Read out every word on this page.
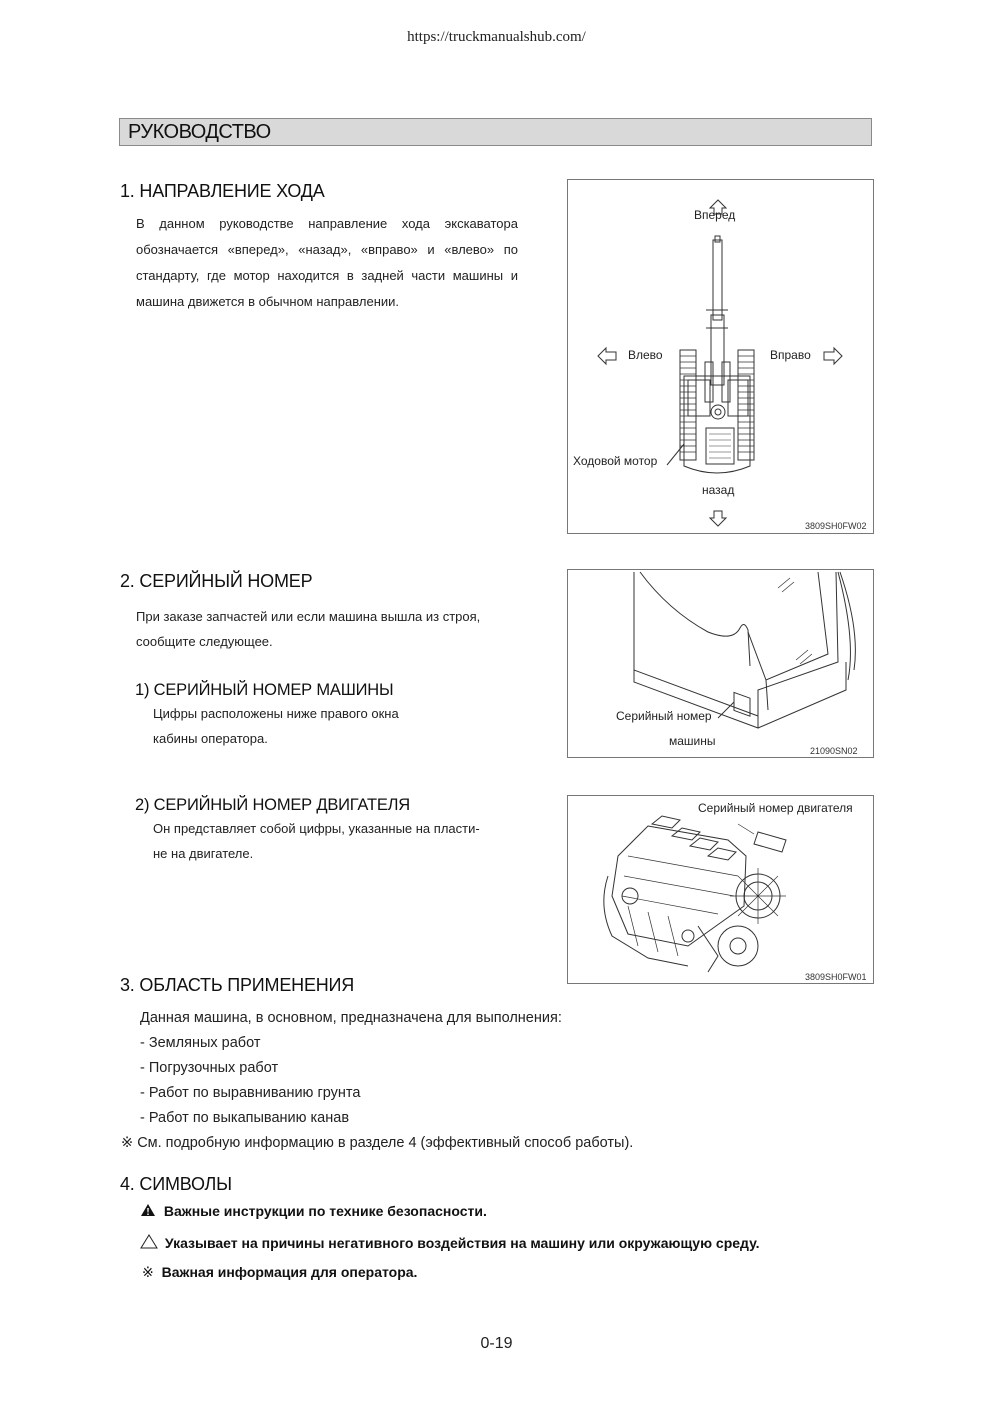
https://truckmanualshub.com/
РУКОВОДСТВО
1. НАПРАВЛЕНИЕ ХОДА
В данном руководстве направление хода экскаватора обозначается «вперед», «назад», «вправо» и «влево» по стандарту, где мотор находится в задней части машины и машина движется в обычном направлении.
Вперед
Влево	Вправо
Ходовой мотор
назад
3809SH0FW02
2. СЕРИЙНЫЙ НОМЕР
При заказе запчастей или если машина вышла из строя,
сообщите следующее.
1) СЕРИЙНЫЙ НОМЕР МАШИНЫ
Цифры расположены ниже правого окна
кабины оператора.
Серийный номер
машины
21090SN02
2) СЕРИЙНЫЙ НОМЕР ДВИГАТЕЛЯ
Он представляет собой цифры, указанные на пласти-
не на двигателе.
Серийный номер двигателя
3809SH0FW01
3. ОБЛАСТЬ ПРИМЕНЕНИЯ
Данная машина, в основном, предназначена для выполнения:
- Земляных работ
- Погрузочных работ
- Работ по выравниванию грунта
- Работ по выкапыванию канав
※ См. подробную информацию в разделе 4 (эффективный способ работы).
4. СИМВОЛЫ
Важные инструкции по технике безопасности.
Указывает на причины негативного воздействия на машину или окружающую среду.
※ Важная информация для оператора.
0-19
